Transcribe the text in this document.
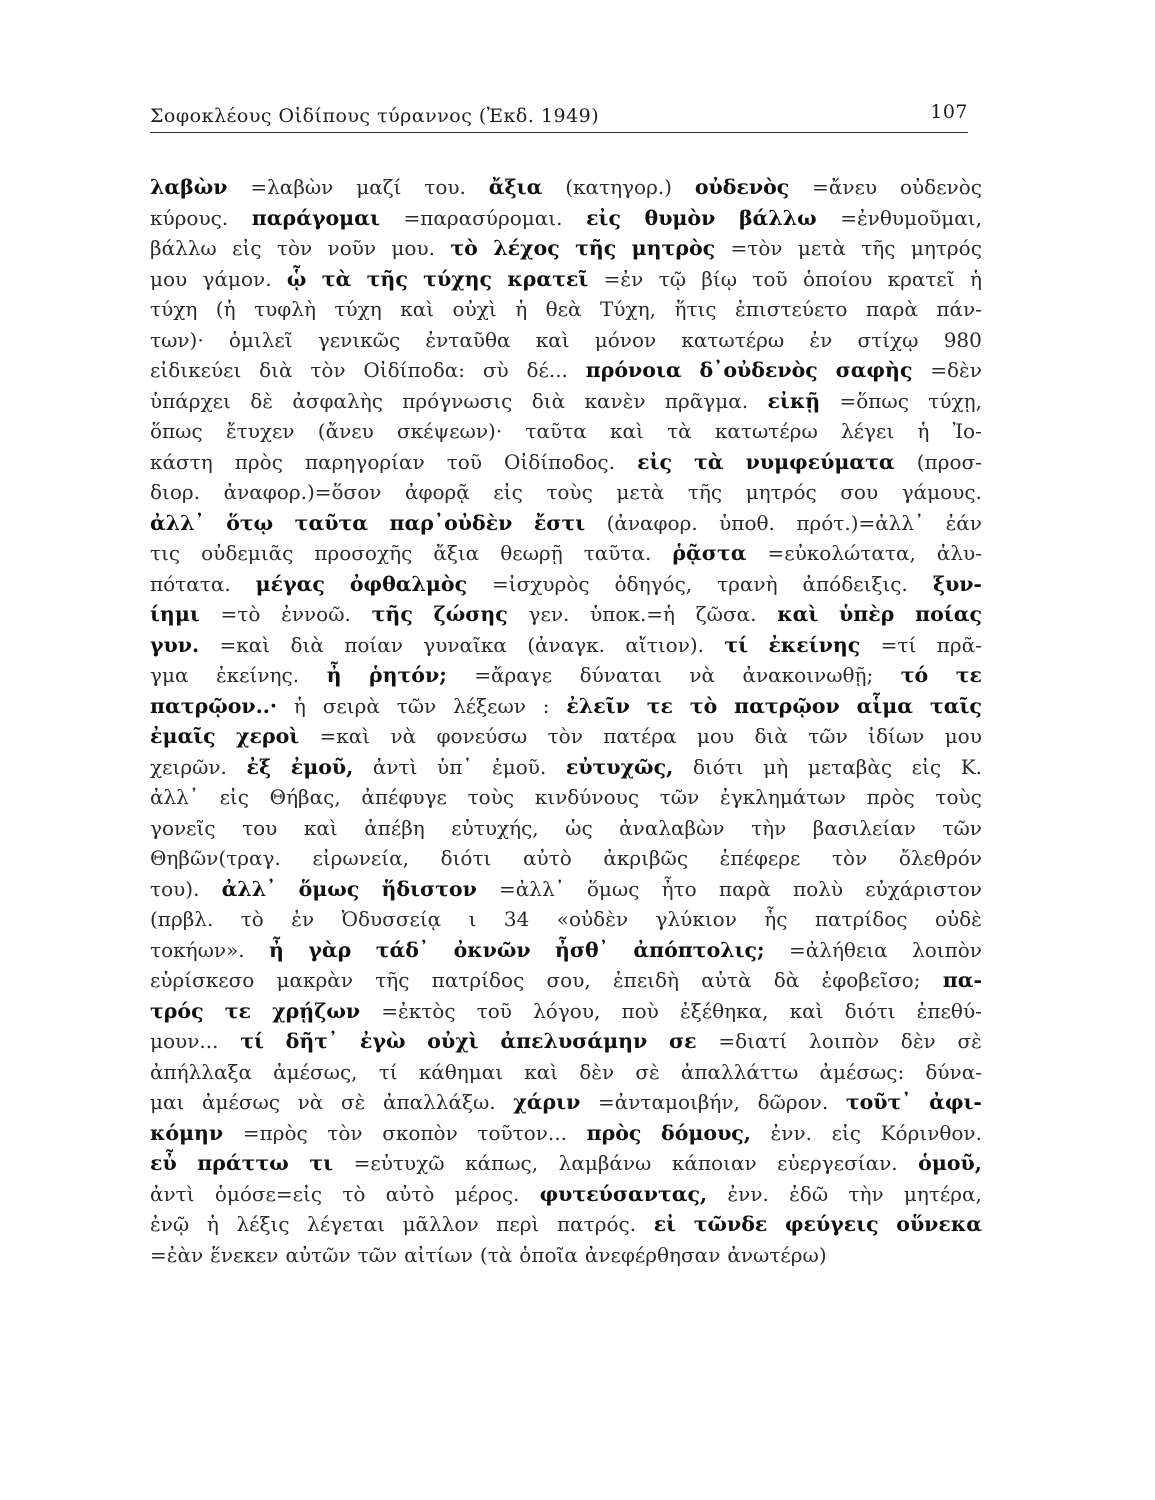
Σοφοκλέους Οἰδίπους τύραννος (Ἐκδ. 1949)	107
λαβὼν =λαβὼν μαζί του. ἄξια (κατηγορ.) οὐδενὸς =ἄνευ οὐδενὸς
κύρους. παράγομαι =παρασύρομαι. εἰς θυμὸν βάλλω =ἐνθυμοῦμαι,
βάλλω εἰς τὸν νοῦν μου. τὸ λέχος τῆς μητρὸς =τὸν μετὰ τῆς μητρός
μου γάμον. ᾧ τὰ τῆς τύχης κρατεῖ =ἐν τῷ βίῳ τοῦ ὁποίου κρατεῖ ἡ
τύχη (ἡ τυφλὴ τύχη καὶ οὐχὶ ἡ θεὰ Τύχη, ἥτις ἐπιστεύετο παρὰ πάν-
των)· ὁμιλεῖ γενικῶς ἐνταῦθα καὶ μόνον κατωτέρω ἐν στίχῳ 980
εἰδικεύει διὰ τὸν Οἰδίποδα: σὺ δέ... πρόνοια δ᾽οὐδενὸς σαφὴς =δὲν
ὑπάρχει δὲ ἀσφαλὴς πρόγνωσις διὰ κανὲν πρᾶγμα. εἰκῇ =ὅπως τύχῃ,
ὅπως ἔτυχεν (ἄνευ σκέψεων)· ταῦτα καὶ τὰ κατωτέρω λέγει ἡ Ἰο-
κάστη πρὸς παρηγορίαν τοῦ Οἰδίποδος. εἰς τὰ νυμφεύματα (προσ-
διορ. ἀναφορ.)=ὅσον ἀφορᾷ εἰς τοὺς μετὰ τῆς μητρός σου γάμους.
ἀλλ᾽ ὅτῳ ταῦτα παρ᾽οὐδὲν ἔστι (ἀναφορ. ὑποθ. πρότ.)=ἀλλ᾽ ἐάν
τις οὐδεμιᾶς προσοχῆς ἄξια θεωρῇ ταῦτα. ῥᾷστα =εὐκολώτατα, ἀλυ-
πότατα. μέγας ὀφθαλμὸς =ἰσχυρὸς ὁδηγός, τρανὴ ἀπόδειξις. ξυν-
ίημι =τὸ ἐννοῶ. τῆς ζώσης γεν. ὑποκ.=ἡ ζῶσα. καὶ ὑπὲρ ποίας
γυν. =καὶ διὰ ποίαν γυναῖκα (ἀναγκ. αἴτιον). τί ἐκείνης =τί πρᾶ-
γμα ἐκείνης. ἦ ῥητόν; =ἄραγε δύναται νὰ ἀνακοινωθῇ; τό τε
πατρῷον..· ἡ σειρὰ τῶν λέξεων : ἐλεῖν τε τὸ πατρῷον αἷμα ταῖς
ἐμαῖς χεροὶ =καὶ νὰ φονεύσω τὸν πατέρα μου διὰ τῶν ἰδίων μου
χειρῶν. ἐξ ἐμοῦ, ἀντὶ ὑπ᾽ ἐμοῦ. εὐτυχῶς, διότι μὴ μεταβὰς εἰς Κ.
ἀλλ᾽ εἰς Θήβας, ἀπέφυγε τοὺς κινδύνους τῶν ἐγκλημάτων πρὸς τοὺς
γονεῖς του καὶ ἀπέβη εὐτυχής, ὡς ἀναλαβὼν τὴν βασιλείαν τῶν
Θηβῶν(τραγ. εἰρωνεία, διότι αὐτὸ ἀκριβῶς ἐπέφερε τὸν ὄλεθρόν
του). ἀλλ᾽ ὅμως ἥδιστον =ἀλλ᾽ ὅμως ἦτο παρὰ πολὺ εὐχάριστον
(πρβλ. τὸ ἐν Ὀδυσσείᾳ ι 34 «οὐδὲν γλύκιον ἧς πατρίδος οὐδὲ
τοκήων». ἦ γὰρ τάδ᾽ ὀκνῶν ἦσθ᾽ ἀπόπτολις; =ἀλήθεια λοιπὸν
εὑρίσκεσο μακρὰν τῆς πατρίδος σου, ἐπειδὴ αὐτὰ δὰ ἐφοβεῖσο; πα-
τρός τε χρῄζων =ἐκτὸς τοῦ λόγου, ποὺ ἐξέθηκα, καὶ διότι ἐπεθύ-
μουν... τί δῆτ᾽ ἐγὼ οὐχὶ ἀπελυσάμην σε =διατί λοιπὸν δὲν σὲ
ἀπήλλαξα ἀμέσως, τί κάθημαι καὶ δὲν σὲ ἀπαλλάττω ἀμέσως: δύνα-
μαι ἀμέσως νὰ σὲ ἀπαλλάξω. χάριν =ἀνταμοιβήν, δῶρον. τοῦτ᾽ ἀφι-
κόμην =πρὸς τὸν σκοπὸν τοῦτον... πρὸς δόμους, ἐνν. εἰς Κόρινθον.
εὖ πράττω τι =εὐτυχῶ κάπως, λαμβάνω κάποιαν εὐεργεσίαν. ὁμοῦ,
ἀντὶ ὁμόσε=εἰς τὸ αὐτὸ μέρος. φυτεύσαντας, ἐνν. ἐδῶ τὴν μητέρα,
ἐνῷ ἡ λέξις λέγεται μᾶλλον περὶ πατρός. εἰ τῶνδε φεύγεις οὕνεκα
=ἐὰν ἕνεκεν αὐτῶν τῶν αἰτίων (τὰ ὁποῖα ἀνεφέρθησαν ἀνωτέρω)
